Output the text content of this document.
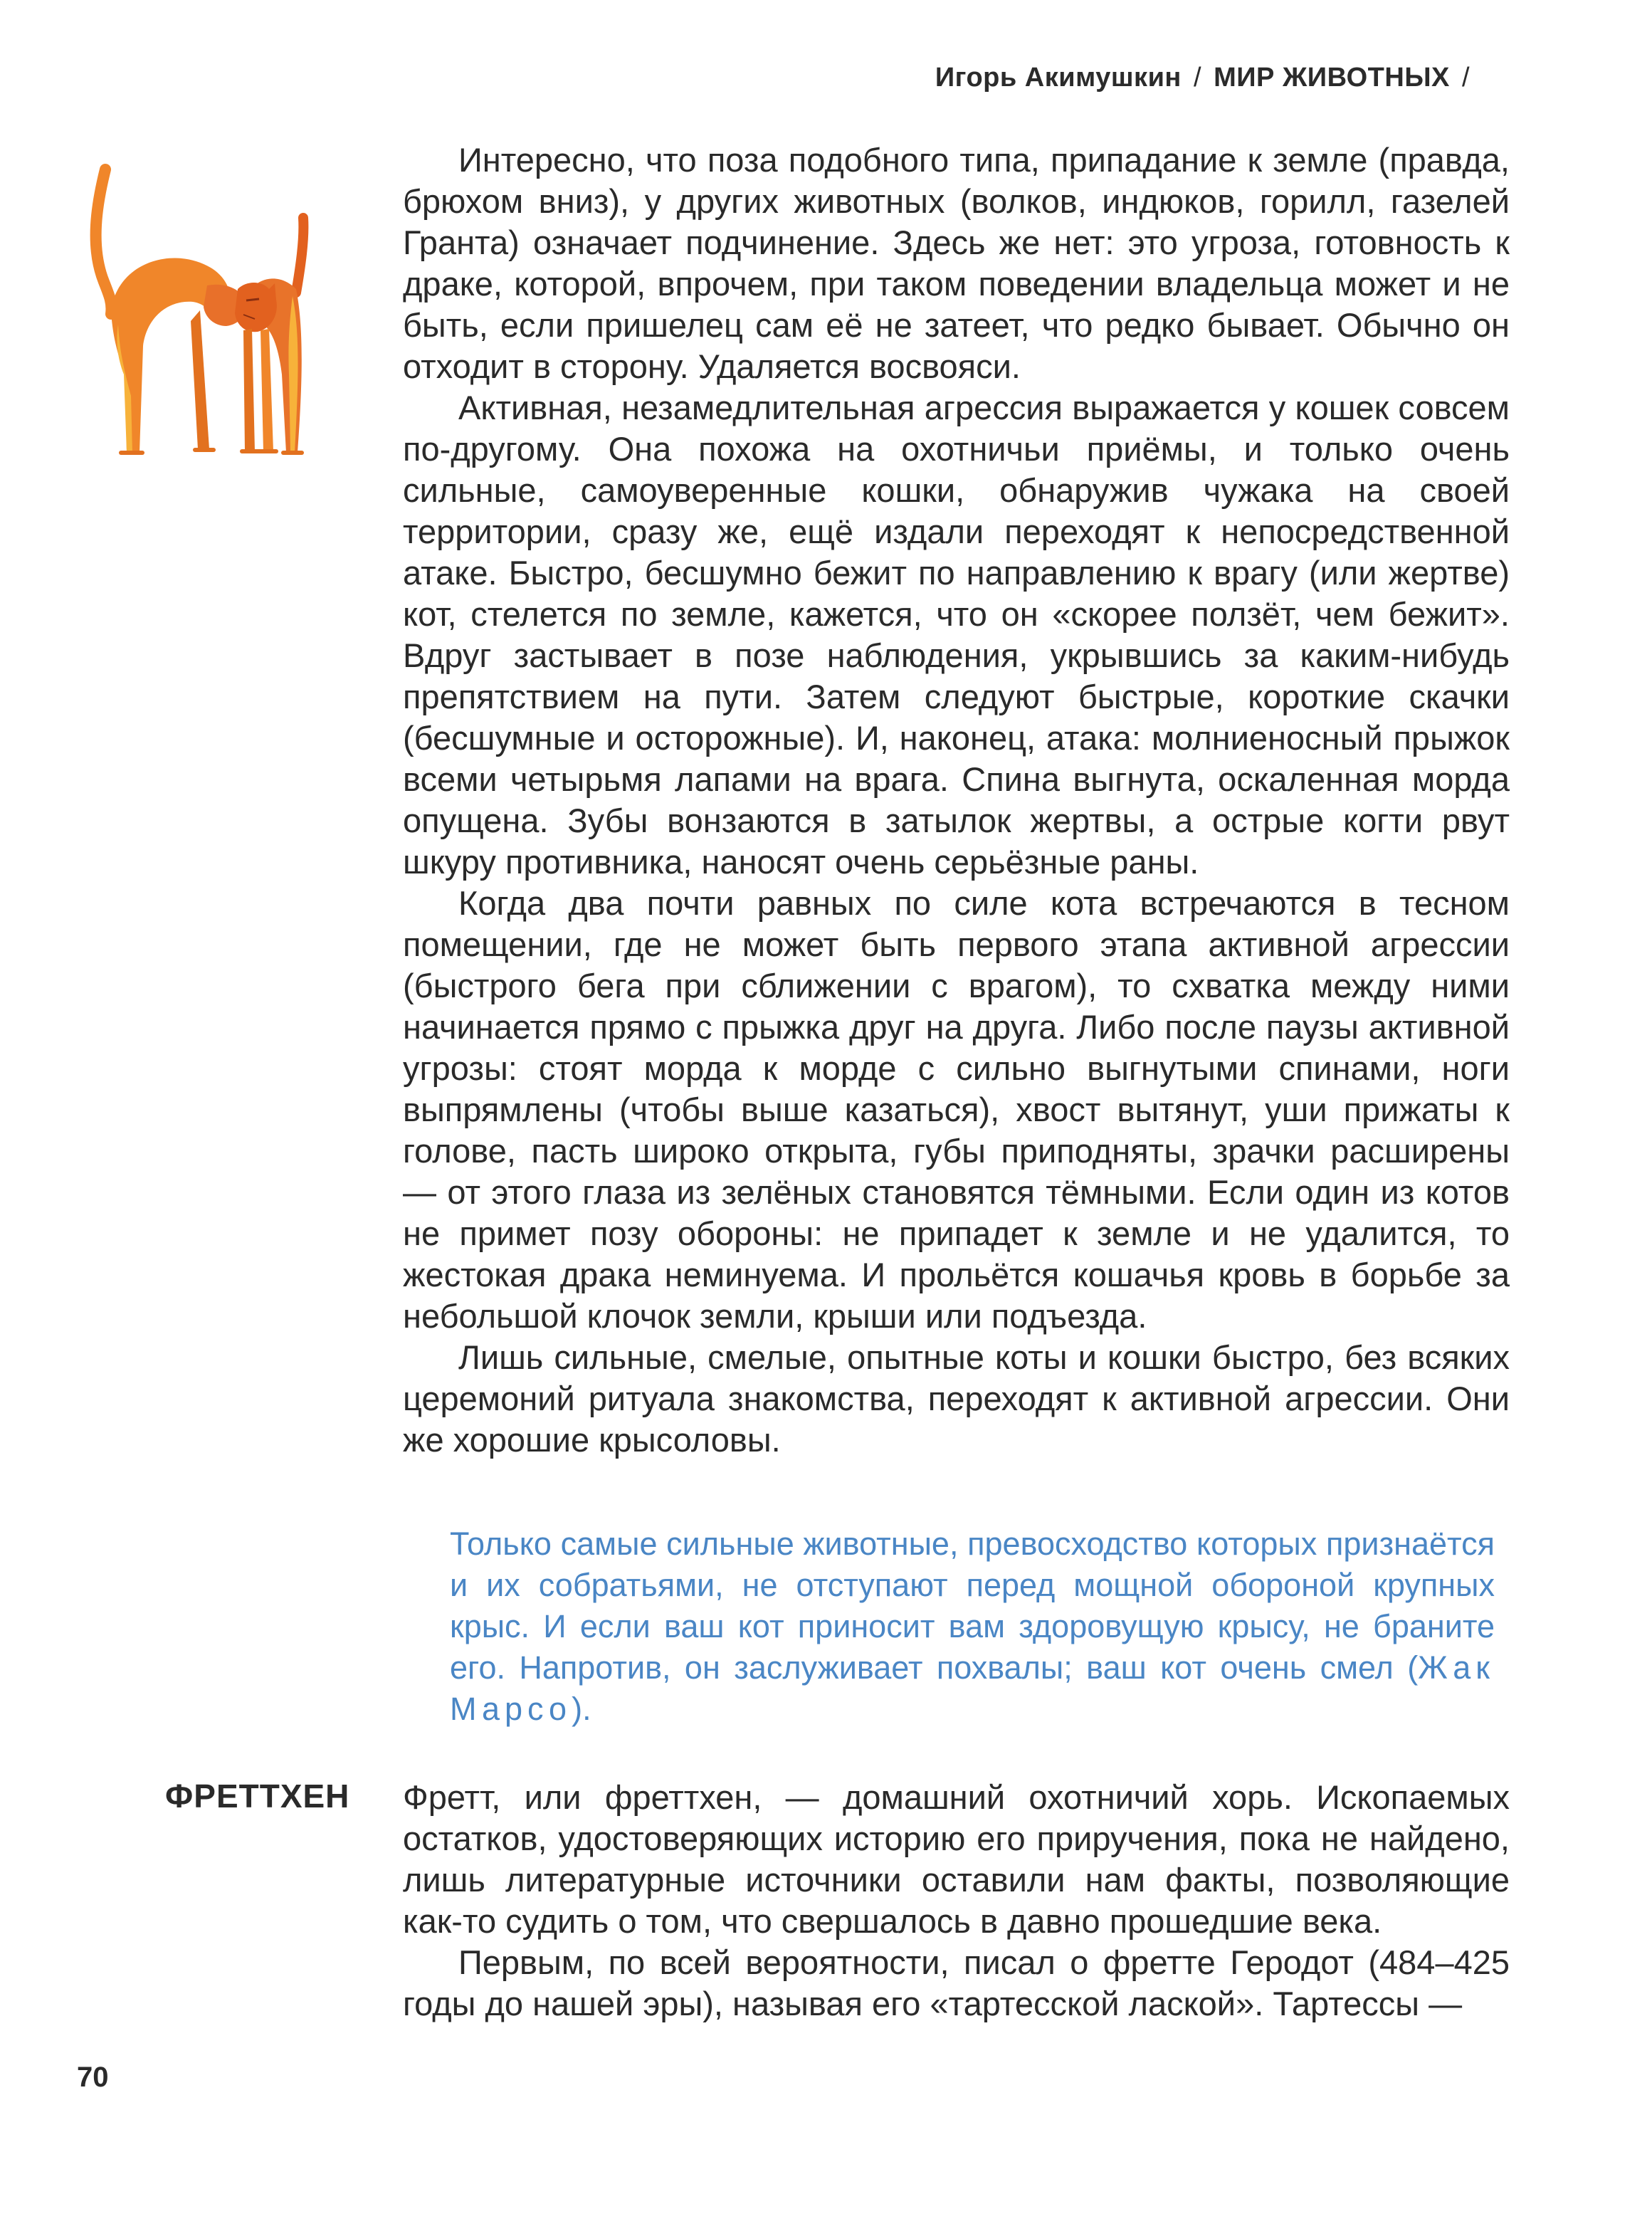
Игорь Акимушкин / МИР ЖИВОТНЫХ /

Интересно, что поза подобного типа, припадание к земле (правда, брюхом вниз), у других животных (волков, индюков, горилл, газелей Гранта) означает подчинение. Здесь же нет: это угроза, готовность к драке, которой, впрочем, при таком поведении владельца может и не быть, если пришелец сам её не затеет, что редко бывает. Обычно он отходит в сторону. Удаляется восвояси.

Активная, незамедлительная агрессия выражается у кошек совсем по-другому. Она похожа на охотничьи приёмы, и только очень сильные, самоуверенные кошки, обнаружив чужака на своей территории, сразу же, ещё издали переходят к непосредственной атаке. Быстро, бесшумно бежит по направлению к врагу (или жертве) кот, стелется по земле, кажется, что он «скорее ползёт, чем бежит». Вдруг застывает в позе наблюдения, укрывшись за каким-нибудь препятствием на пути. Затем следуют быстрые, короткие скачки (бесшумные и осторожные). И, наконец, атака: молниеносный прыжок всеми четырьмя лапами на врага. Спина выгнута, оскаленная морда опущена. Зубы вонзаются в затылок жертвы, а острые когти рвут шкуру противника, наносят очень серьёзные раны.

Когда два почти равных по силе кота встречаются в тесном помещении, где не может быть первого этапа активной агрессии (быстрого бега при сближении с врагом), то схватка между ними начинается прямо с прыжка друг на друга. Либо после паузы активной угрозы: стоят морда к морде с сильно выгнутыми спинами, ноги выпрямлены (чтобы выше казаться), хвост вытянут, уши прижаты к голове, пасть широко открыта, губы приподняты, зрачки расширены — от этого глаза из зелёных становятся тёмными. Если один из котов не примет позу обороны: не припадет к земле и не удалится, то жестокая драка неминуема. И прольётся кошачья кровь в борьбе за небольшой клочок земли, крыши или подъезда.

Лишь сильные, смелые, опытные коты и кошки быстро, без всяких церемоний ритуала знакомства, переходят к активной агрессии. Они же хорошие крысоловы.

Только самые сильные животные, превосходство которых признаётся и их собратьями, не отступают перед мощной обороной крупных крыс. И если ваш кот приносит вам здоровущую крысу, не браните его. Напротив, он заслуживает похвалы; ваш кот очень смел (Жак Марсо).

ФРЕТТХЕН Фретт, или фреттхен, — домашний охотничий хорь. Ископаемых остатков, удостоверяющих историю его приручения, пока не найдено, лишь литературные источники оставили нам факты, позволяющие как-то судить о том, что свершалось в давно прошедшие века.

Первым, по всей вероятности, писал о фретте Геродот (484–425 годы до нашей эры), называя его «тартесской лаской». Тартессы —

70
